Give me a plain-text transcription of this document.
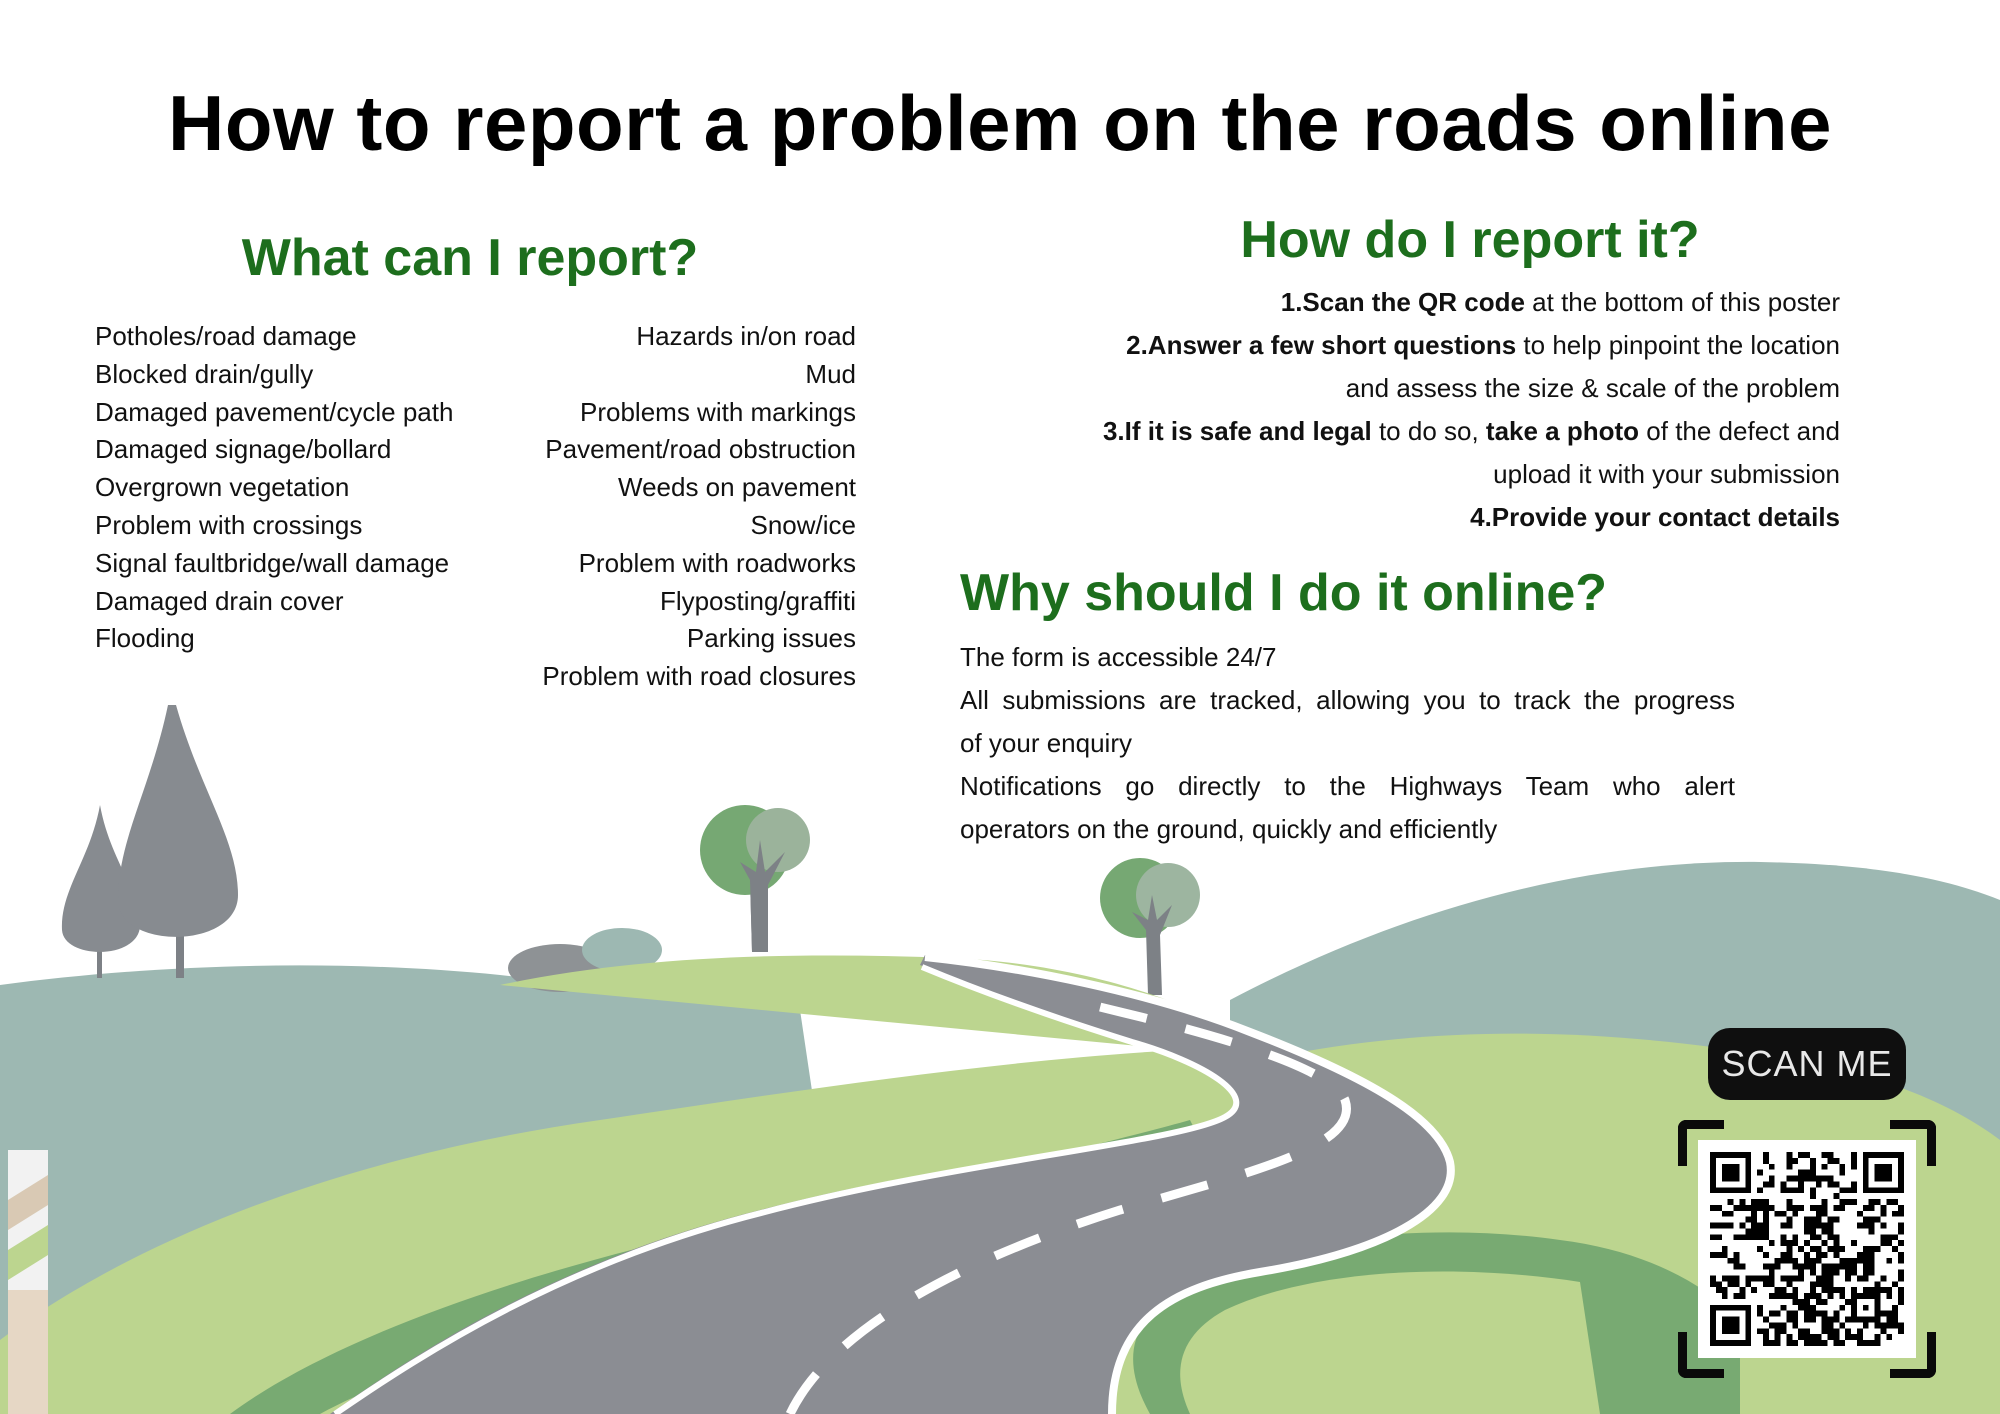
How to report a problem on the roads online
What can I report?
Potholes/road damage
Blocked drain/gully
Damaged pavement/cycle path
Damaged signage/bollard
Overgrown vegetation
Problem with crossings
Signal faultbridge/wall damage
Damaged drain cover
Flooding
Hazards in/on road
Mud
Problems with markings
Pavement/road obstruction
Weeds on pavement
Snow/ice
Problem with roadworks
Flyposting/graffiti
Parking issues
Problem with road closures
How do I report it?
1.Scan the QR code at the bottom of this poster
2.Answer a few short questions to help pinpoint the location
and assess the size & scale of the problem
3.If it is safe and legal to do so, take a photo of the defect and
upload it with your submission
4.Provide your contact details
Why should I do it online?

The form is accessible 24/7

All submissions are tracked, allowing you to track the progress

of your enquiry

Notifications go directly to the Highways Team who alert

operators on the ground, quickly and efficiently

SCAN ME
